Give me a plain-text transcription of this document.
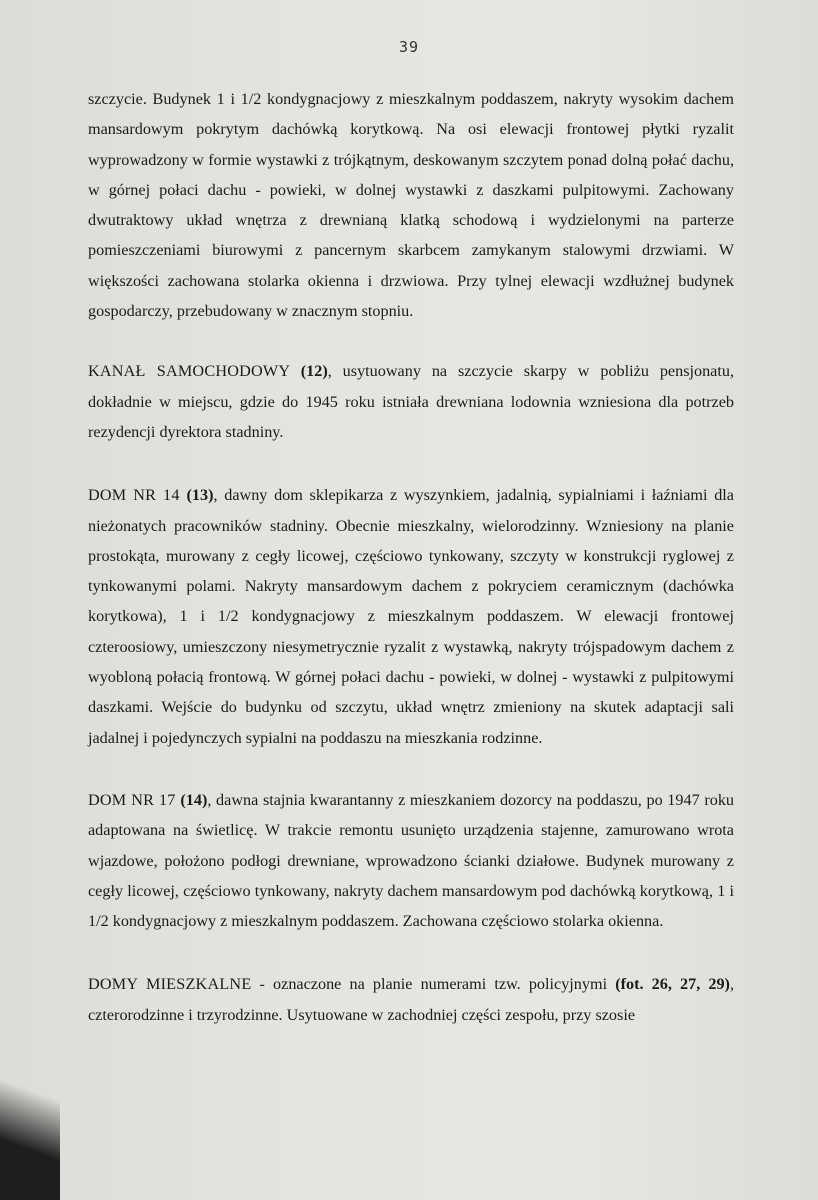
39

szczycie. Budynek 1 i 1/2 kondygnacjowy z mieszkalnym poddaszem, nakryty wysokim dachem mansardowym pokrytym dachówką korytkową. Na osi elewacji frontowej płytki ryzalit wyprowadzony w formie wystawki z trójkątnym, deskowanym szczytem ponad dolną połać dachu, w górnej połaci dachu - powieki, w dolnej wystawki z daszkami pulpitowymi. Zachowany dwutraktowy układ wnętrza z drewnianą klatką schodową i wydzielonymi na parterze pomieszczeniami biurowymi z pancernym skarbcem zamykanym stalowymi drzwiami. W większości zachowana stolarka okienna i drzwiowa. Przy tylnej elewacji wzdłużnej budynek gospodarczy, przebudowany w znacznym stopniu.

KANAŁ SAMOCHODOWY (12), usytuowany na szczycie skarpy w pobliżu pensjonatu, dokładnie w miejscu, gdzie do 1945 roku istniała drewniana lodownia wzniesiona dla potrzeb rezydencji dyrektora stadniny.

DOM NR 14 (13), dawny dom sklepikarza z wyszynkiem, jadalnią, sypialniami i łaźniami dla nieżonatych pracowników stadniny. Obecnie mieszkalny, wielorodzinny. Wzniesiony na planie prostokąta, murowany z cegły licowej, częściowo tynkowany, szczyty w konstrukcji ryglowej z tynkowanymi polami. Nakryty mansardowym dachem z pokryciem ceramicznym (dachówka korytkowa), 1 i 1/2 kondygnacjowy z mieszkalnym poddaszem. W elewacji frontowej czteroosiowy, umieszczony niesymetrycznie ryzalit z wystawką, nakryty trójspadowym dachem z wyobloną połacią frontową. W górnej połaci dachu - powieki, w dolnej - wystawki z pulpitowymi daszkami. Wejście do budynku od szczytu, układ wnętrz zmieniony na skutek adaptacji sali jadalnej i pojedynczych sypialni na poddaszu na mieszkania rodzinne.

DOM NR 17 (14), dawna stajnia kwarantanny z mieszkaniem dozorcy na poddaszu, po 1947 roku adaptowana na świetlicę. W trakcie remontu usunięto urządzenia stajenne, zamurowano wrota wjazdowe, położono podłogi drewniane, wprowadzono ścianki działowe. Budynek murowany z cegły licowej, częściowo tynkowany, nakryty dachem mansardowym pod dachówką korytkową, 1 i 1/2 kondygnacjowy z mieszkalnym poddaszem. Zachowana częściowo stolarka okienna.

DOMY MIESZKALNE - oznaczone na planie numerami tzw. policyjnymi (fot. 26, 27, 29), czterorodzinne i trzyrodzinne. Usytuowane w zachodniej części zespołu, przy szosie
